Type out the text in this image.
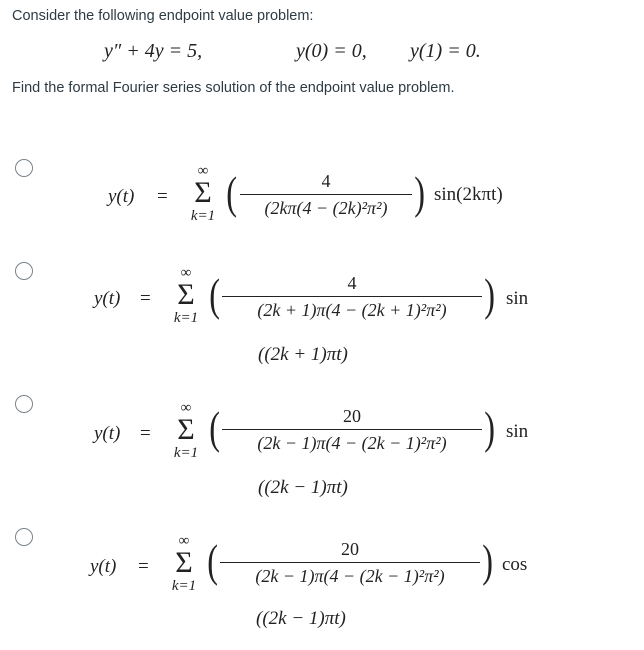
Consider the following endpoint value problem:
y″ + 4y = 5,	y(0) = 0, y(1) = 0.
Find the formal Fourier series solution of the endpoint value problem.
y(t) =
∞
Σ
k=1 (	4
(2kπ(4 − (2k)²π²) ) sin(2kπt)
y(t) =
∞
Σ
k=1 (	4
(2k + 1)π(4 − (2k + 1)²π²) ) sin
((2k + 1)πt)
y(t) =
∞
Σ
k=1 (	20
(2k − 1)π(4 − (2k − 1)²π²) ) sin
((2k − 1)πt)
y(t) =
∞
Σ
k=1 (	20
(2k − 1)π(4 − (2k − 1)²π²) ) cos
((2k − 1)πt)
